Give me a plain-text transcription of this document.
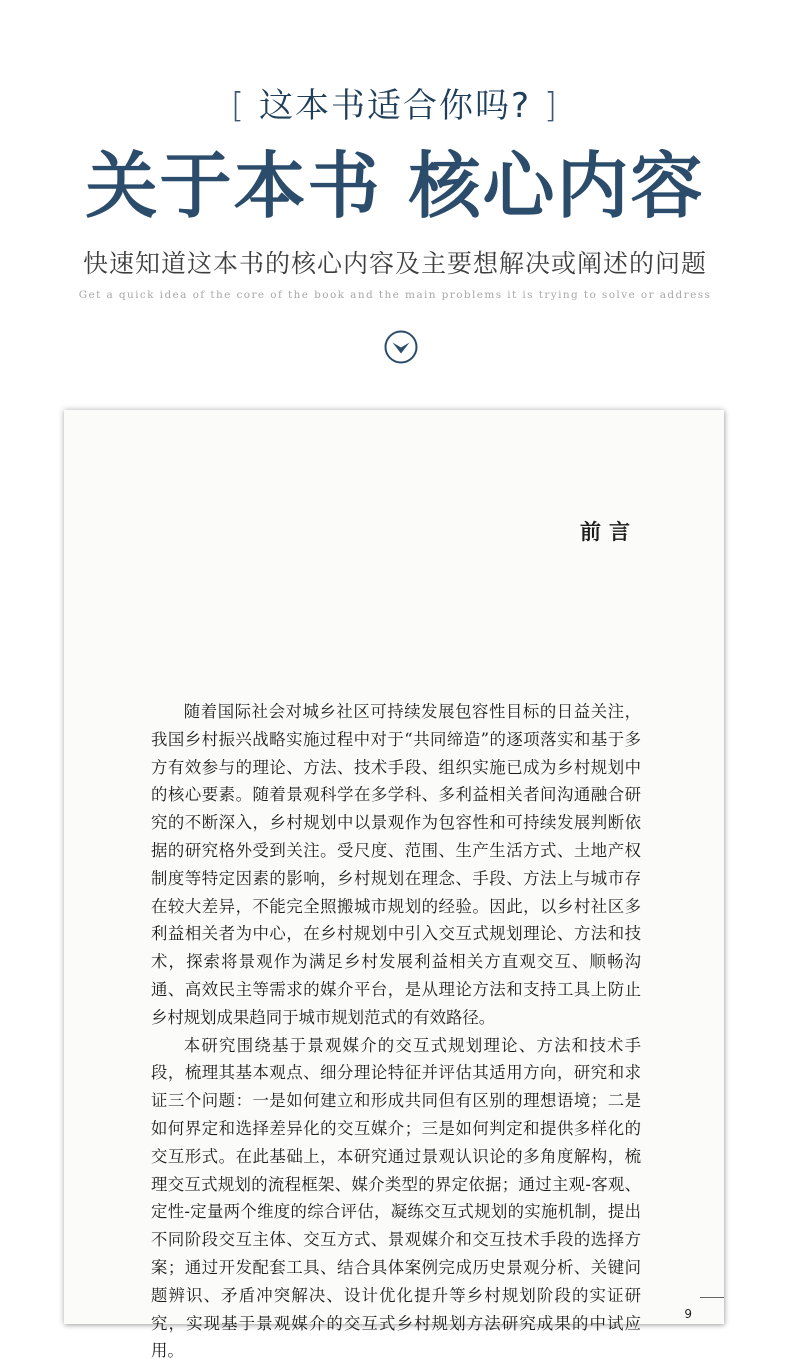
[ 这本书适合你吗? ]
关于本书 核心内容
快速知道这本书的核心内容及主要想解决或阐述的问题
Get a quick idea of the core of the book and the main problems it is trying to solve or address
前言

随着国际社会对城乡社区可持续发展包容性目标的日益关注，我国乡村振兴战略实施过程中对于“共同缔造”的逐项落实和基于多方有效参与的理论、方法、技术手段、组织实施已成为乡村规划中的核心要素。随着景观科学在多学科、多利益相关者间沟通融合研究的不断深入，乡村规划中以景观作为包容性和可持续发展判断依据的研究格外受到关注。受尺度、范围、生产生活方式、土地产权制度等特定因素的影响，乡村规划在理念、手段、方法上与城市存在较大差异，不能完全照搬城市规划的经验。因此，以乡村社区多利益相关者为中心，在乡村规划中引入交互式规划理论、方法和技术，探索将景观作为满足乡村发展利益相关方直观交互、顺畅沟通、高效民主等需求的媒介平台，是从理论方法和支持工具上防止乡村规划成果趋同于城市规划范式的有效路径。

本研究围绕基于景观媒介的交互式规划理论、方法和技术手段，梳理其基本观点、细分理论特征并评估其适用方向，研究和求证三个问题：一是如何建立和形成共同但有区别的理想语境；二是如何界定和选择差异化的交互媒介；三是如何判定和提供多样化的交互形式。在此基础上，本研究通过景观认识论的多角度解构，梳理交互式规划的流程框架、媒介类型的界定依据；通过主观-客观、定性-定量两个维度的综合评估，凝练交互式规划的实施机制，提出不同阶段交互主体、交互方式、景观媒介和交互技术手段的选择方案；通过开发配套工具、结合具体案例完成历史景观分析、关键问题辨识、矛盾冲突解决、设计优化提升等乡村规划阶段的实证研究，实现基于景观媒介的交互式乡村规划方法研究成果的中试应用。

9
